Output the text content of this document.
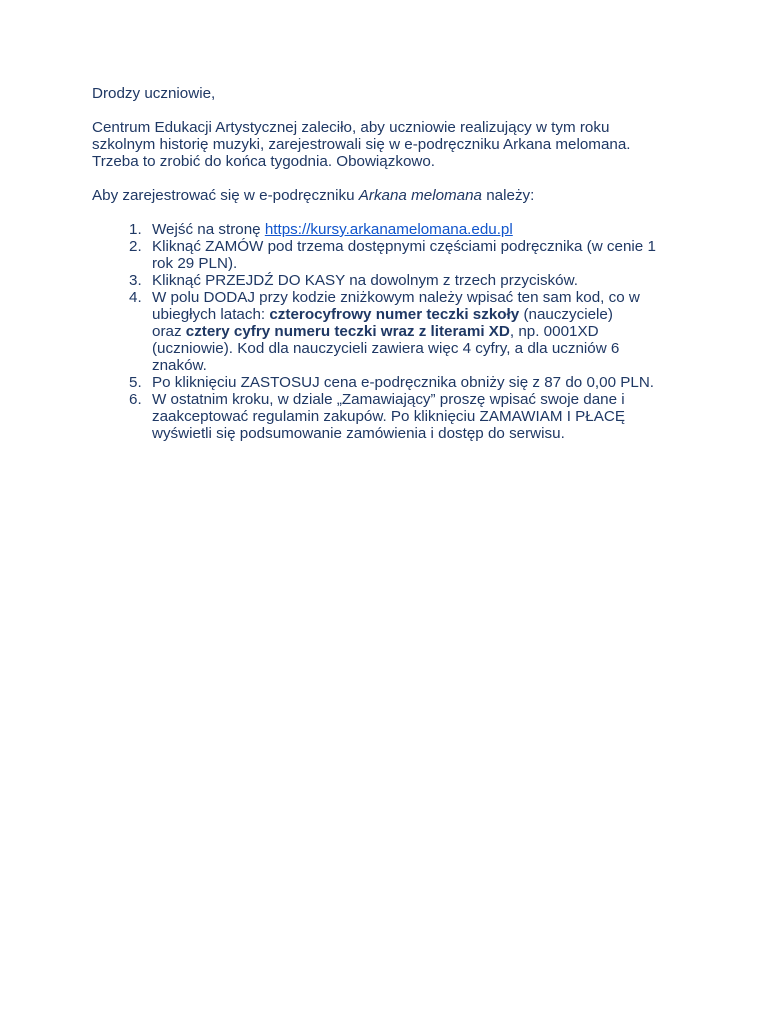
Drodzy uczniowie,

Centrum Edukacji Artystycznej zaleciło, aby uczniowie realizujący w tym roku
szkolnym historię muzyki, zarejestrowali się w e-podręczniku Arkana melomana.
Trzeba to zrobić do końca tygodnia. Obowiązkowo.

Aby zarejestrować się w e-podręczniku Arkana melomana należy:

1. Wejść na stronę https://kursy.arkanamelomana.edu.pl
2. Kliknąć ZAMÓW pod trzema dostępnymi częściami podręcznika (w cenie 1
rok 29 PLN).
3. Kliknąć PRZEJDŹ DO KASY na dowolnym z trzech przycisków.
4. W polu DODAJ przy kodzie zniżkowym należy wpisać ten sam kod, co w
ubiegłych latach: czterocyfrowy numer teczki szkoły (nauczyciele)
oraz cztery cyfry numeru teczki wraz z literami XD, np. 0001XD
(uczniowie). Kod dla nauczycieli zawiera więc 4 cyfry, a dla uczniów 6
znaków.
5. Po kliknięciu ZASTOSUJ cena e-podręcznika obniży się z 87 do 0,00 PLN.
6. W ostatnim kroku, w dziale „Zamawiający” proszę wpisać swoje dane i
zaakceptować regulamin zakupów. Po kliknięciu ZAMAWIAM I PŁACĘ
wyświetli się podsumowanie zamówienia i dostęp do serwisu.
